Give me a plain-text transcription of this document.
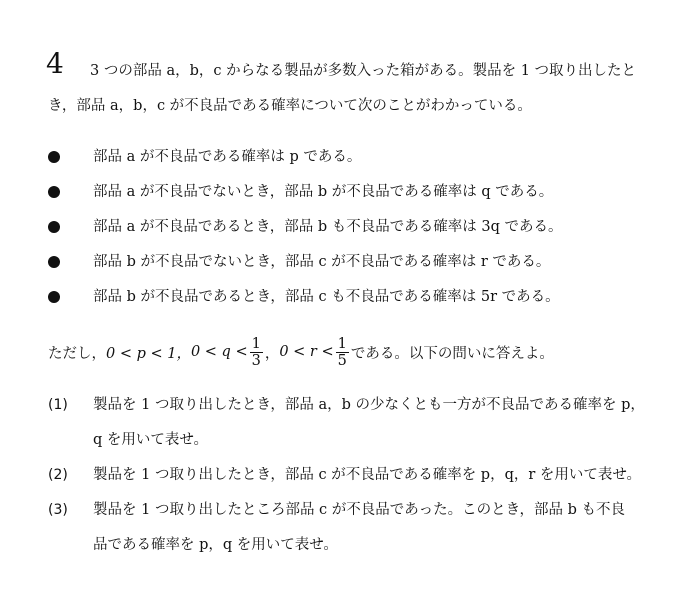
4 3 つの部品 a，b，c からなる製品が多数入った箱がある。製品を 1 つ取り出したと
き，部品 a，b，c が不良品である確率について次のことがわかっている。
部品 a が不良品である確率は p である。
部品 a が不良品でないとき，部品 b が不良品である確率は q である。
部品 a が不良品であるとき，部品 b も不良品である確率は 3q である。
部品 b が不良品でないとき，部品 c が不良品である確率は r である。
部品 b が不良品であるとき，部品 c も不良品である確率は 5r である。
ただし， 0 < p < 1， $0 < q < \frac{1}{3}$ ， $0 < r < \frac{1}{5}$ である。以下の問いに答えよ。
(1) 製品を 1 つ取り出したとき，部品 a，b の少なくとも一方が不良品である確率を p，
q を用いて表せ。
(2) 製品を 1 つ取り出したとき，部品 c が不良品である確率を p，q，r を用いて表せ。
(3) 製品を 1 つ取り出したところ部品 c が不良品であった。このとき，部品 b も不良
品である確率を p，q を用いて表せ。
